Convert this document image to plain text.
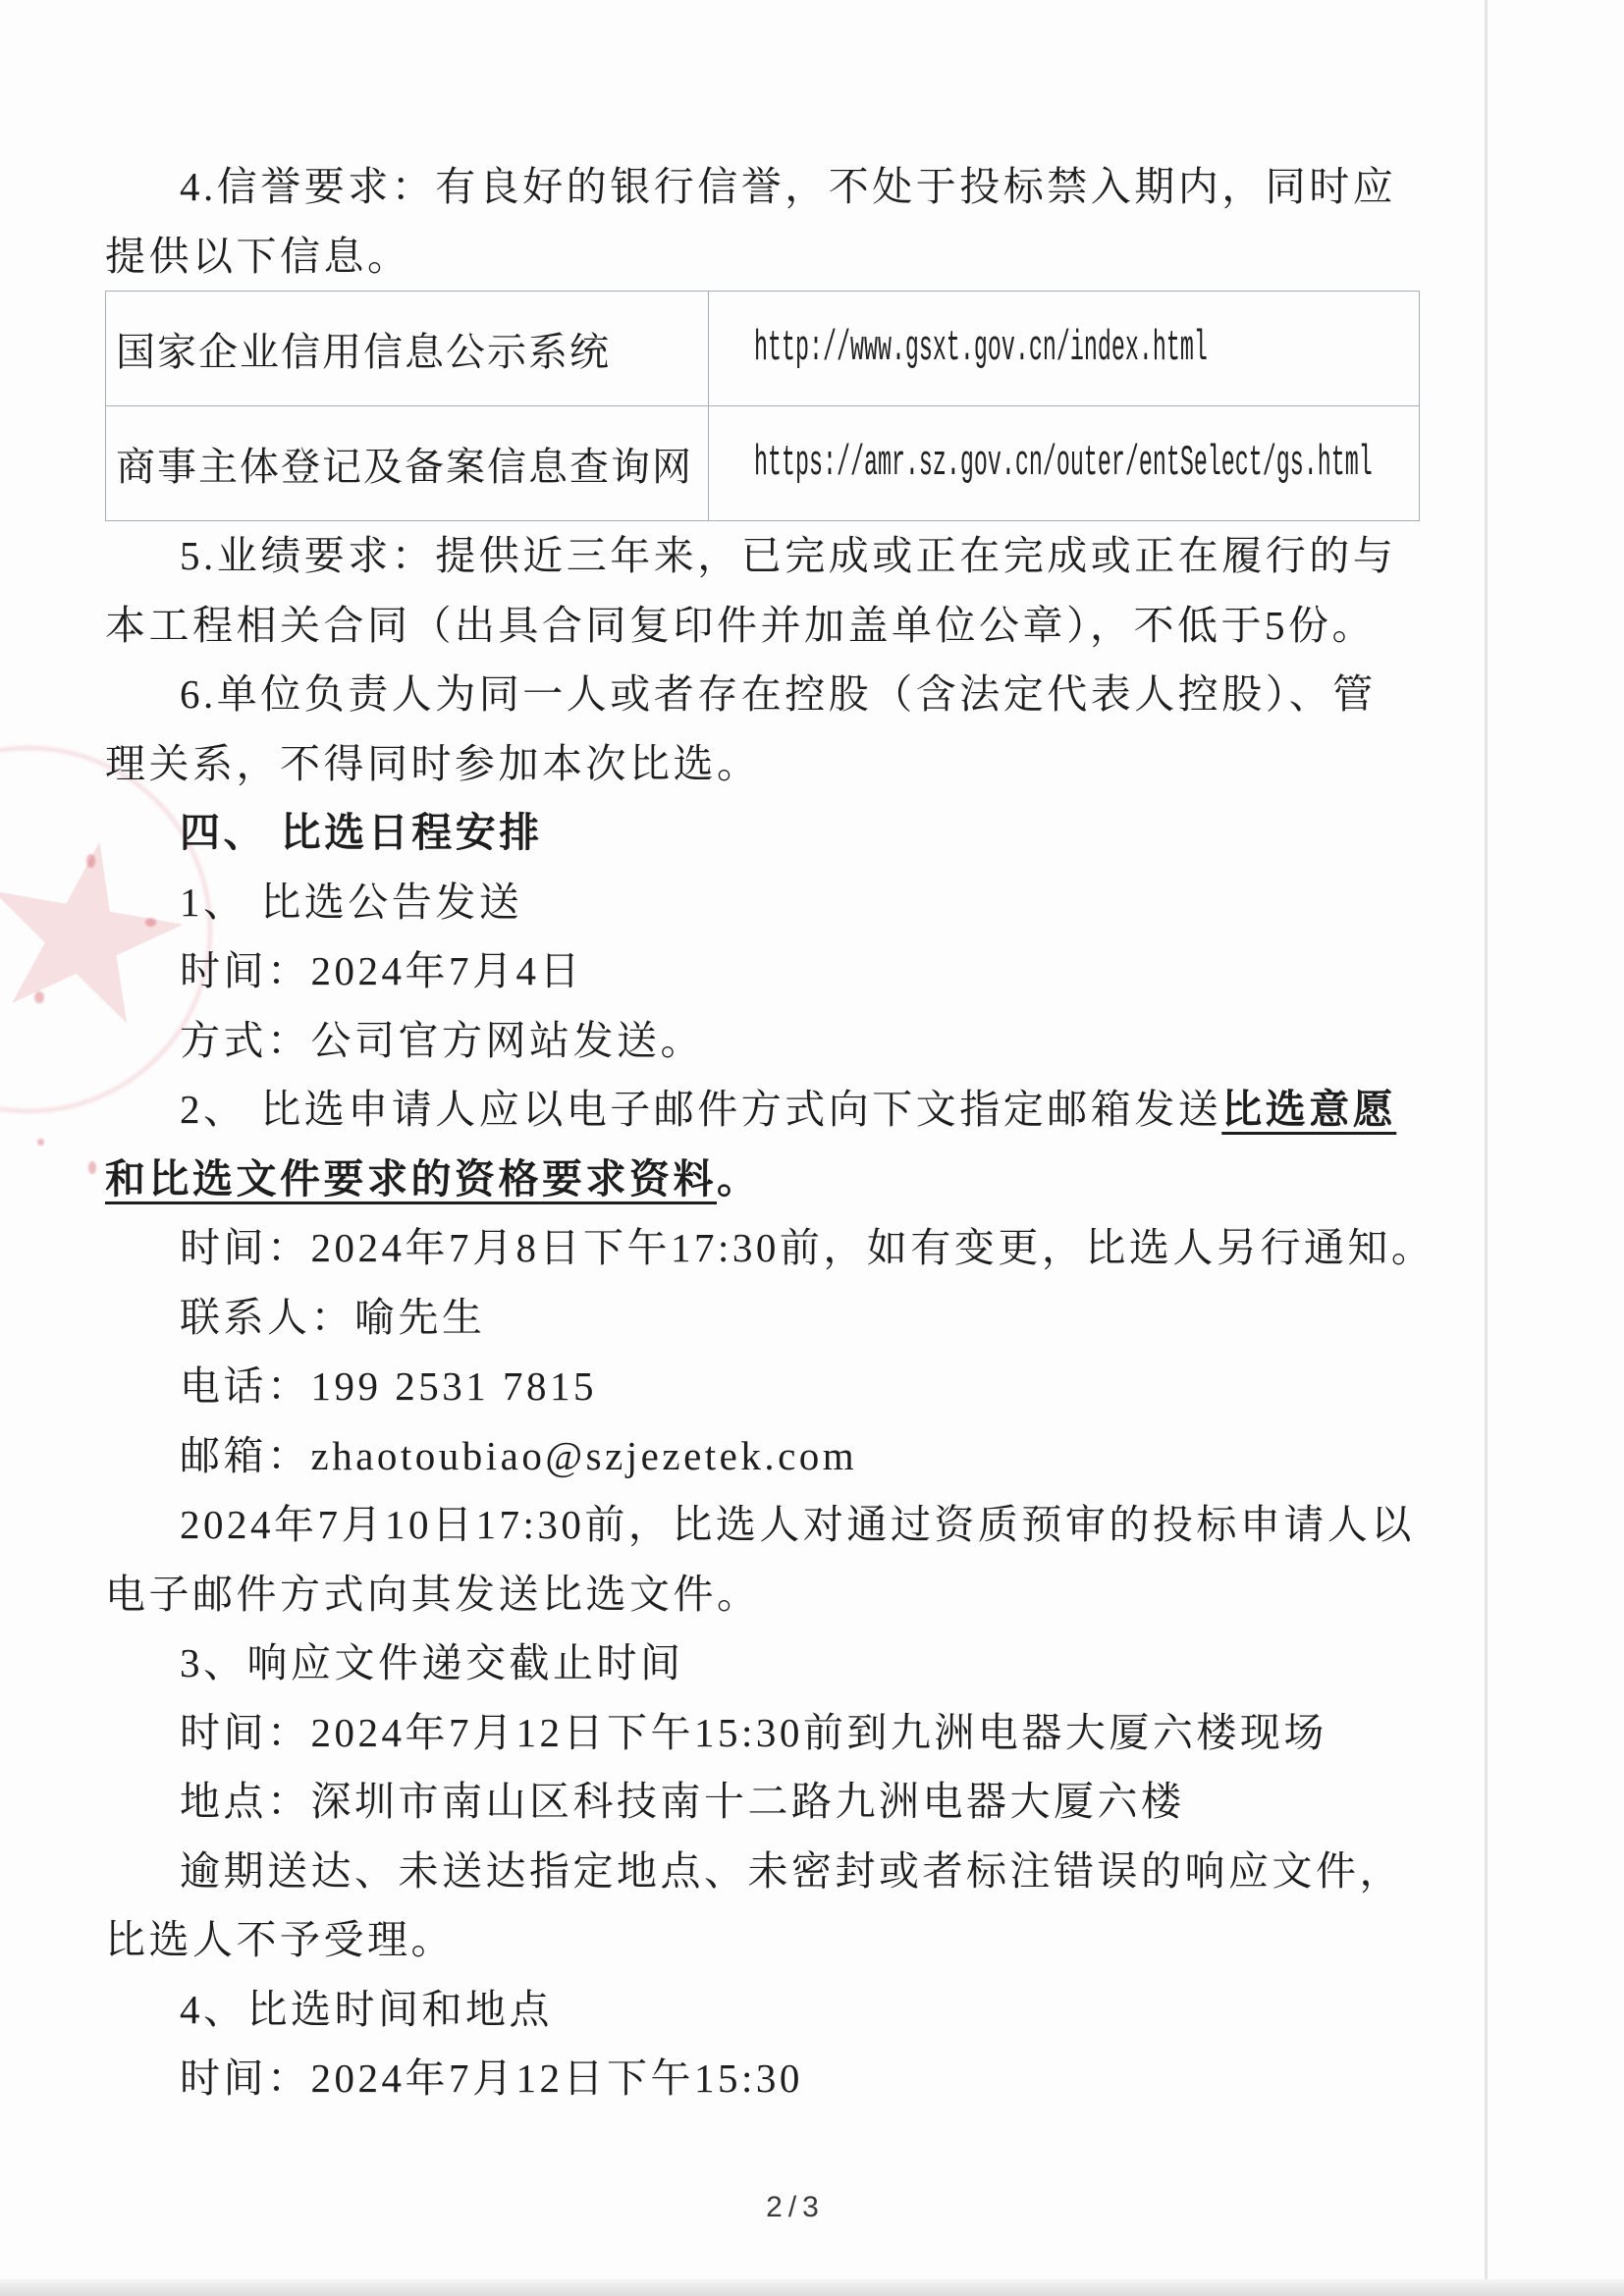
4.信誉要求：有良好的银行信誉，不处于投标禁入期内，同时应
提供以下信息。
国家企业信用信息公示系统	http://www.gsxt.gov.cn/index.html
商事主体登记及备案信息查询网	https://amr.sz.gov.cn/outer/entSelect/gs.html
5.业绩要求：提供近三年来，已完成或正在完成或正在履行的与
本工程相关合同（出具合同复印件并加盖单位公章），不低于5份。
6.单位负责人为同一人或者存在控股（含法定代表人控股）、管
理关系，不得同时参加本次比选。
四、 比选日程安排
1、 比选公告发送
时间：2024年7月4日
方式：公司官方网站发送。
2、 比选申请人应以电子邮件方式向下文指定邮箱发送比选意愿
和比选文件要求的资格要求资料。
时间：2024年7月8日下午17:30前，如有变更，比选人另行通知。
联系人：喻先生
电话：199 2531 7815
邮箱：zhaotoubiao@szjezetek.com
2024年7月10日17:30前，比选人对通过资质预审的投标申请人以
电子邮件方式向其发送比选文件。
3、响应文件递交截止时间
时间：2024年7月12日下午15:30前到九洲电器大厦六楼现场
地点：深圳市南山区科技南十二路九洲电器大厦六楼
逾期送达、未送达指定地点、未密封或者标注错误的响应文件，
比选人不予受理。
4、比选时间和地点
时间：2024年7月12日下午15:30
2/3
